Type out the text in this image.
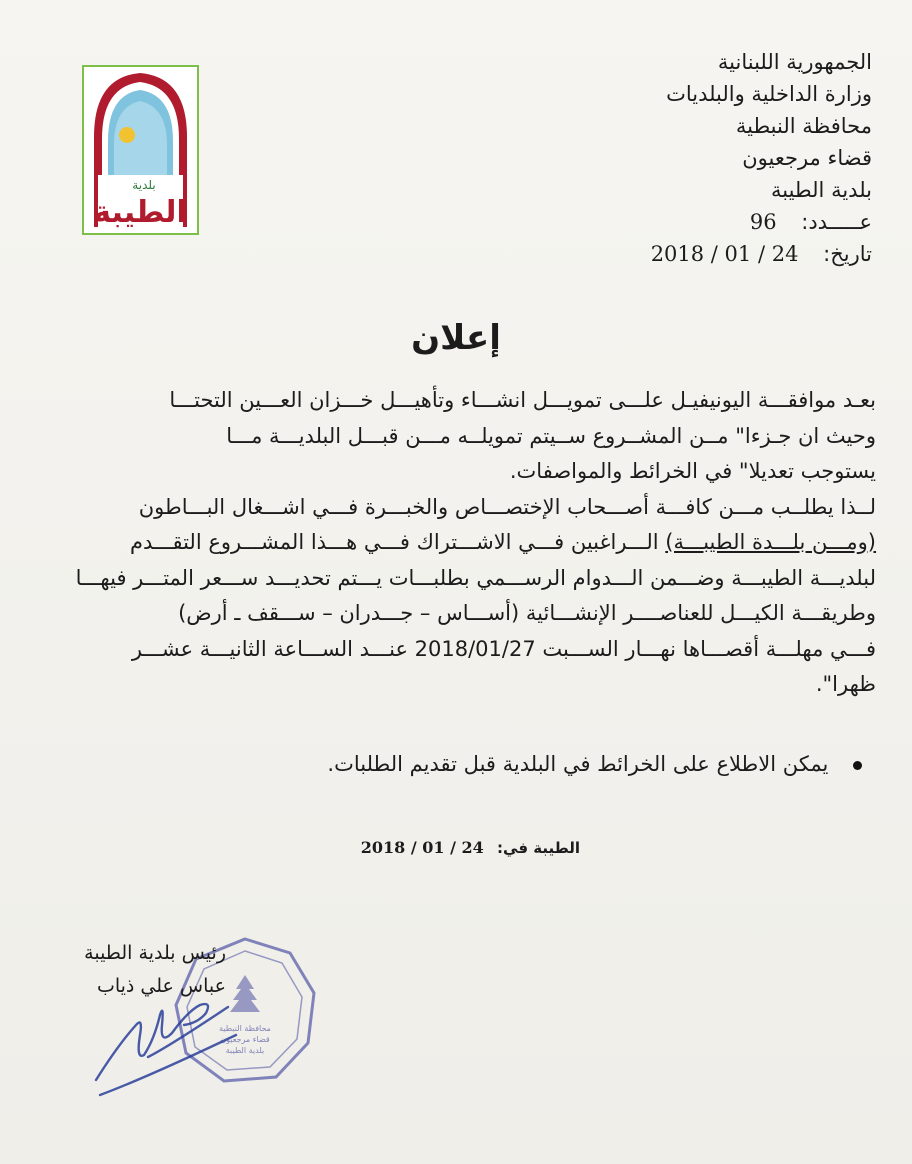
بلدية
الطيبة
الجمهورية اللبنانية
وزارة الداخلية والبلديات
محافظة النبطية
قضاء مرجعيون
بلدية الطيبة
عـــــدد: 96
تاريخ: 2018 / 01 / 24
إعلان

بعـد موافقـــة اليونيفيـل علـــى تمويـــل انشـــاء وتأهيـــل خـــزان العـــين التحتـــا

وحيث ان جـزءا" مــن المشــروع ســيتم تمويلــه مـــن قبـــل البلديـــة مـــا

يستوجب تعديلا" في الخرائط والمواصفات.

لــذا يطلــب مـــن كافـــة أصـــحاب الإختصـــاص والخبـــرة فـــي اشـــغال البـــاطون

(ومـــن بلـــدة الطيبـــة) الـــراغبين فـــي الاشـــتراك فـــي هـــذا المشـــروع التقـــدم

لبلديـــة الطيبـــة وضـــمن الـــدوام الرســـمي بطلبـــات يـــتم تحديـــد ســـعر المتـــر فيهـــا

وطريقـــة الكيـــل للعناصــــر الإنشـــائية (أســـاس – جـــدران – ســـقف ـ أرض)

فـــي مهلـــة أقصـــاها نهـــار الســـبت 2018/01/27 عنـــد الســـاعة الثانيـــة عشـــر

ظهرا".

يمكن الاطلاع على الخرائط في البلدية قبل تقديم الطلبات.
الطيبة في: 2018 / 01 / 24
محافظة النبطية
قضاء مرجعيون
بلدية الطيبة
رئيس بلدية الطيبة
عباس علي ذياب
